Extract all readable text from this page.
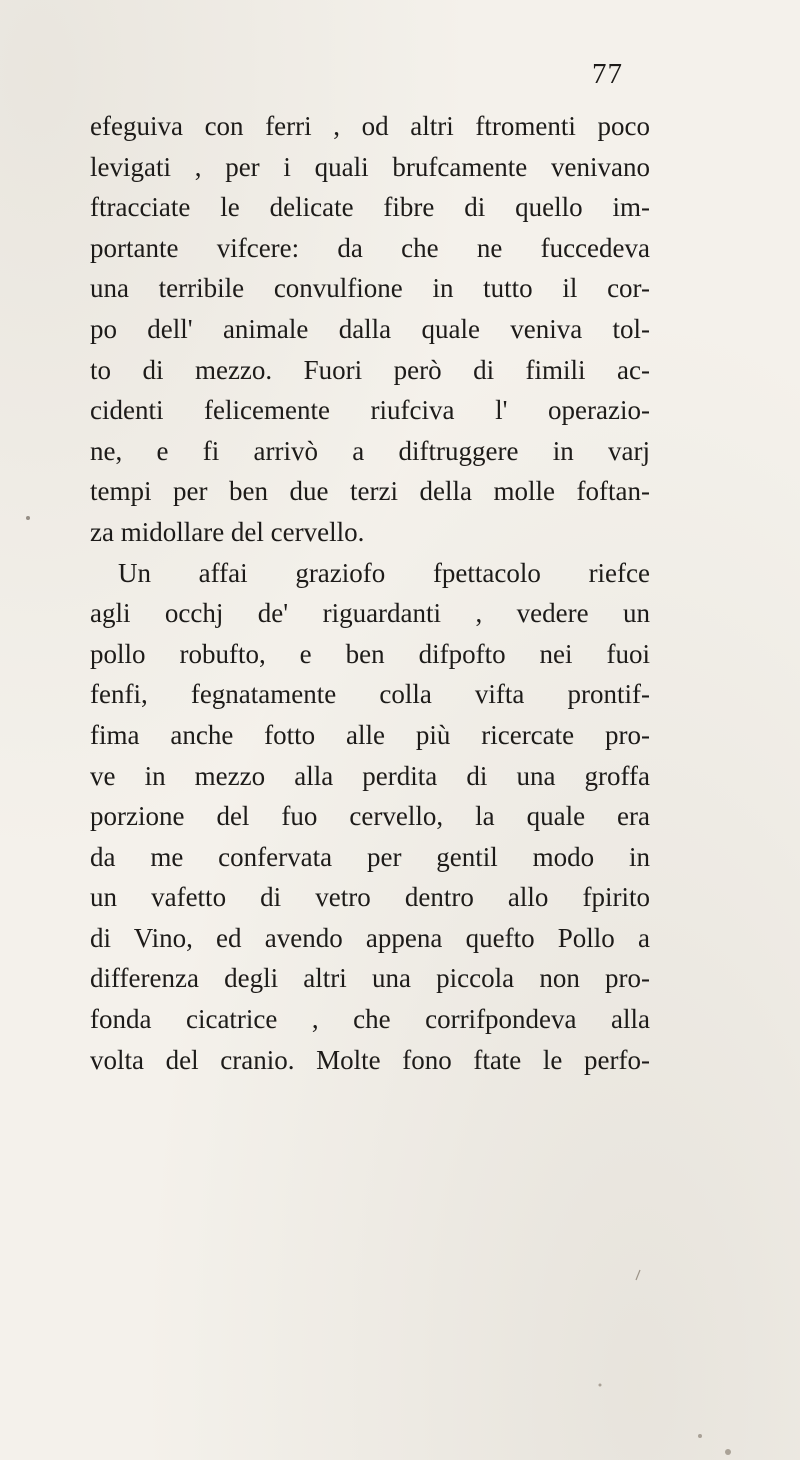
77
efeguiva con ferri , od altri ftromenti poco
levigati , per i quali brufcamente venivano
ftracciate le delicate fibre di quello im-
portante vifcere: da che ne fuccedeva
una terribile convulfione in tutto il cor-
po dell' animale dalla quale veniva tol-
to di mezzo. Fuori però di fimili ac-
cidenti felicemente riufciva l' operazio-
ne, e fi arrivò a diftruggere in varj
tempi per ben due terzi della molle foftan-
za midollare del cervello.
Un affai graziofo fpettacolo riefce
agli occhj de' riguardanti , vedere un
pollo robufto, e ben difpofto nei fuoi
fenfi, fegnatamente colla vifta prontif-
fima anche fotto alle più ricercate pro-
ve in mezzo alla perdita di una groffa
porzione del fuo cervello, la quale era
da me confervata per gentil modo in
un vafetto di vetro dentro allo fpirito
di Vino, ed avendo appena quefto Pollo a
differenza degli altri una piccola non pro-
fonda cicatrice , che corrifpondeva alla
volta del cranio. Molte fono ftate le perfo-
